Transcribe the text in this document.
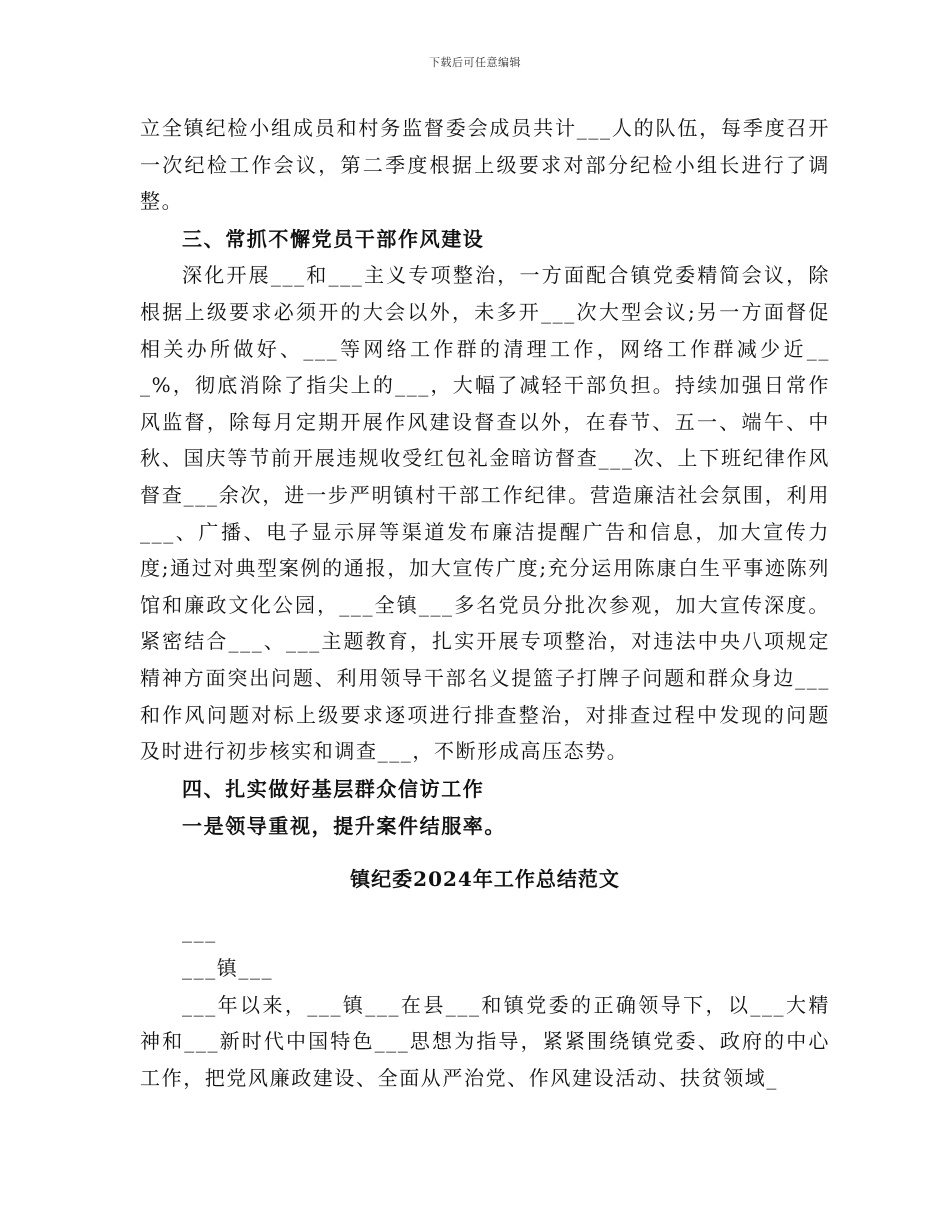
下载后可任意编辑

立全镇纪检小组成员和村务监督委会成员共计___人的队伍，每季度召开一次纪检工作会议，第二季度根据上级要求对部分纪检小组长进行了调整。

三、常抓不懈党员干部作风建设

深化开展___和___主义专项整治，一方面配合镇党委精简会议，除根据上级要求必须开的大会以外，未多开___次大型会议;另一方面督促相关办所做好、___等网络工作群的清理工作，网络工作群减少近___%，彻底消除了指尖上的___，大幅了减轻干部负担。持续加强日常作风监督，除每月定期开展作风建设督查以外，在春节、五一、端午、中秋、国庆等节前开展违规收受红包礼金暗访督查___次、上下班纪律作风督查___余次，进一步严明镇村干部工作纪律。营造廉洁社会氛围，利用___、广播、电子显示屏等渠道发布廉洁提醒广告和信息，加大宣传力度;通过对典型案例的通报，加大宣传广度;充分运用陈康白生平事迹陈列馆和廉政文化公园，___全镇___多名党员分批次参观，加大宣传深度。紧密结合___、___主题教育，扎实开展专项整治，对违法中央八项规定精神方面突出问题、利用领导干部名义提篮子打牌子问题和群众身边___和作风问题对标上级要求逐项进行排查整治，对排查过程中发现的问题及时进行初步核实和调查___，不断形成高压态势。

四、扎实做好基层群众信访工作

一是领导重视，提升案件结服率。

镇纪委2024年工作总结范文

___

___镇___

___年以来，___镇___在县___和镇党委的正确领导下，以___大精神和___新时代中国特色___思想为指导，紧紧围绕镇党委、政府的中心工作，把党风廉政建设、全面从严治党、作风建设活动、扶贫领域_
